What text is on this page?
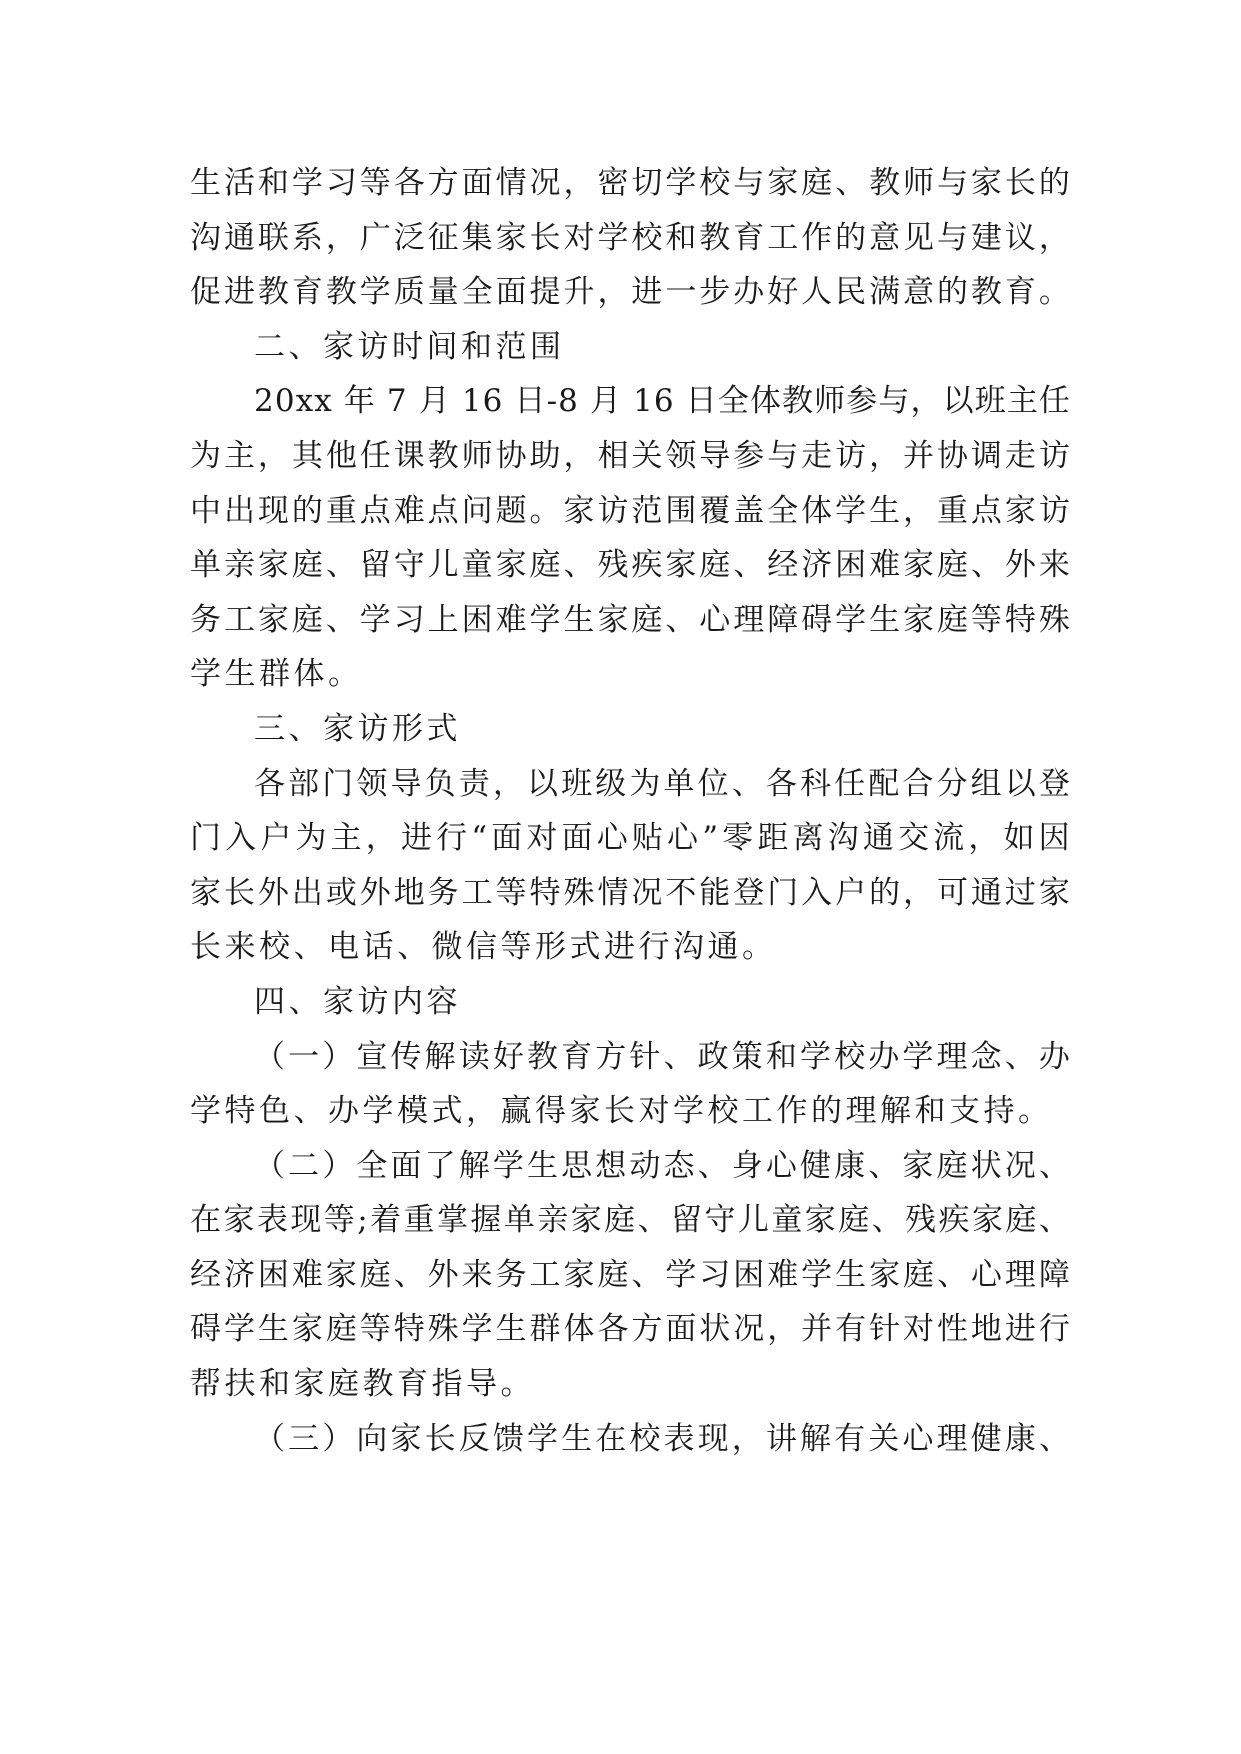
生 活 和 学 习 等 各 方 面 情 况 ， 密 切 学 校 与 家 庭 、 教 师 与 家 长 的
沟 通 联 系 ， 广 泛 征 集 家 长 对 学 校 和 教 育 工 作 的 意 见 与 建 议 ，
促 进 教 育 教 学 质 量 全 面 提 升 ， 进 一 步 办 好 人 民 满 意 的 教 育 。
二、家访时间和范围
2 0 x x
年
7
月
1 6
日 - 8
月
1 6
日 全 体 教 师 参 与 ， 以 班 主 任
为 主 ， 其 他 任 课 教 师 协 助 ， 相 关 领 导 参 与 走 访 ， 并 协 调 走 访
中 出 现 的 重 点 难 点 问 题 。 家 访 范 围 覆 盖 全 体 学 生 ， 重 点 家 访
单 亲 家 庭 、 留 守 儿 童 家 庭 、 残 疾 家 庭 、 经 济 困 难 家 庭 、 外 来
务 工 家 庭 、 学 习 上 困 难 学 生 家 庭 、 心 理 障 碍 学 生 家 庭 等 特 殊
学生群体。
三、家访形式
各 部 门 领 导 负 责 ， 以 班 级 为 单 位 、 各 科 任 配 合 分 组 以 登
门 入 户 为 主 ， 进 行 “ 面 对 面 心 贴 心 ” 零 距 离 沟 通 交 流 ， 如 因
家 长 外 出 或 外 地 务 工 等 特 殊 情 况 不 能 登 门 入 户 的 ， 可 通 过 家
长来校、电话、微信等形式进行沟通。
四、家访内容
（ 一 ） 宣 传 解 读 好 教 育 方 针 、 政 策 和 学 校 办 学 理 念 、 办
学特色、办学模式，赢得家长对学校工作的理解和支持。
（ 二 ） 全 面 了 解 学 生 思 想 动 态 、 身 心 健 康 、 家 庭 状 况 、
在 家 表 现 等 ; 着 重 掌 握 单 亲 家 庭 、 留 守 儿 童 家 庭 、 残 疾 家 庭 、
经 济 困 难 家 庭 、 外 来 务 工 家 庭 、 学 习 困 难 学 生 家 庭 、 心 理 障
碍 学 生 家 庭 等 特 殊 学 生 群 体 各 方 面 状 况 ， 并 有 针 对 性 地 进 行
帮扶和家庭教育指导。
（ 三 ） 向 家 长 反 馈 学 生 在 校 表 现 ， 讲 解 有 关 心 理 健 康 、
